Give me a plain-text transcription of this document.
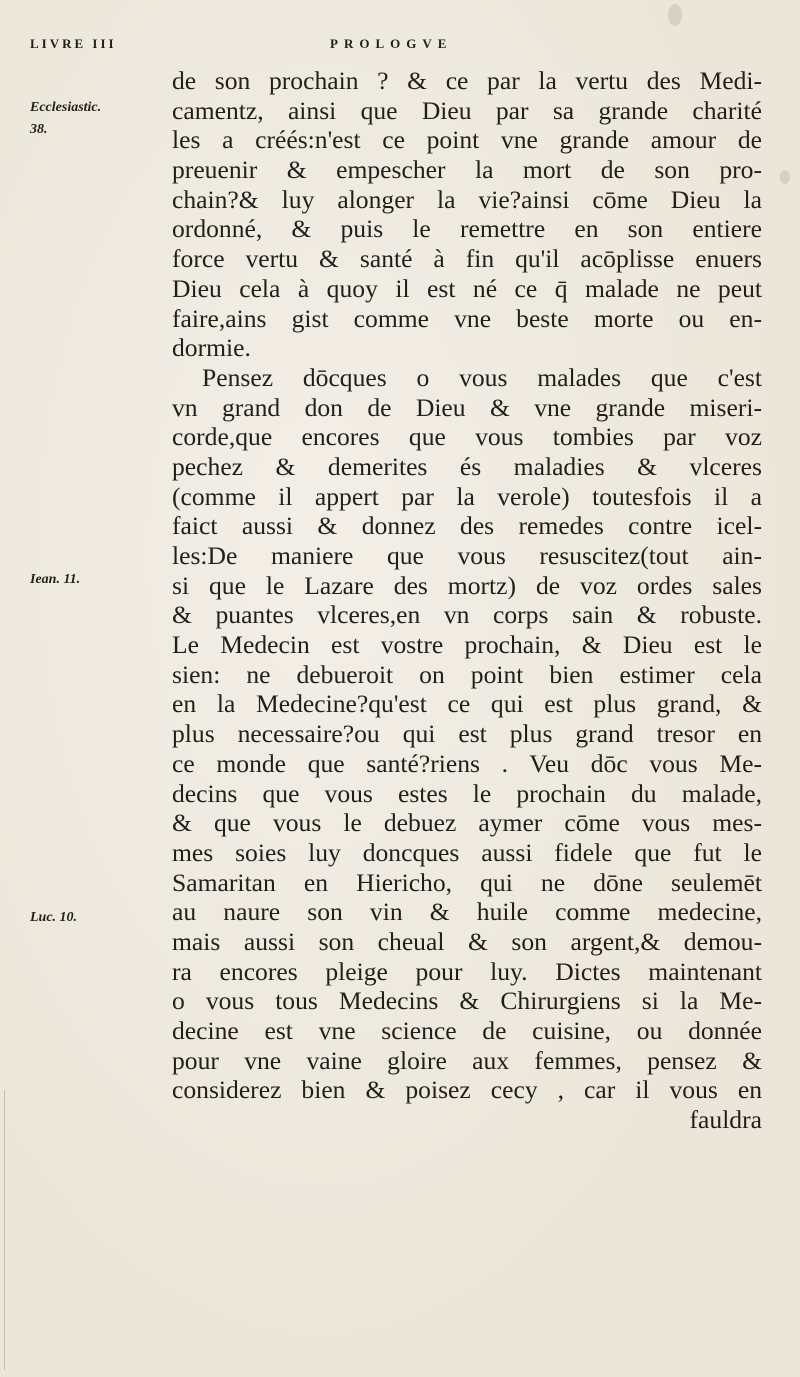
LIVRE III	PROLOGVE
Ecclesiastic.
38.
Iean. 11.
Luc. 10.
de son prochain ? & ce par la vertu des Medi-
camentz, ainsi que Dieu par sa grande charité
les a créés:n'est ce point vne grande amour de
preuenir & empescher la mort de son pro-
chain?& luy alonger la vie?ainsi cōme Dieu la
ordonné, & puis le remettre en son entiere
force vertu & santé à fin qu'il acōplisse enuers
Dieu cela à quoy il est né ce q̄ malade ne peut
faire,ains gist comme vne beste morte ou en-
dormie.
Pensez dōcques o vous malades que c'est
vn grand don de Dieu & vne grande miseri-
corde,que encores que vous tombies par voz
pechez & demerites és maladies & vlceres
(comme il appert par la verole) toutesfois il a
faict aussi & donnez des remedes contre icel-
les:De maniere que vous resuscitez(tout ain-
si que le Lazare des mortz) de voz ordes sales
& puantes vlceres,en vn corps sain & robuste.
Le Medecin est vostre prochain, & Dieu est le
sien: ne debueroit on point bien estimer cela
en la Medecine?qu'est ce qui est plus grand, &
plus necessaire?ou qui est plus grand tresor en
ce monde que santé?riens . Veu dōc vous Me-
decins que vous estes le prochain du malade,
& que vous le debuez aymer cōme vous mes-
mes soies luy doncques aussi fidele que fut le
Samaritan en Hiericho, qui ne dōne seulemēt
au naure son vin & huile comme medecine,
mais aussi son cheual & son argent,& demou-
ra encores pleige pour luy. Dictes maintenant
o vous tous Medecins & Chirurgiens si la Me-
decine est vne science de cuisine, ou donnée
pour vne vaine gloire aux femmes, pensez &
considerez bien & poisez cecy , car il vous en
fauldra
